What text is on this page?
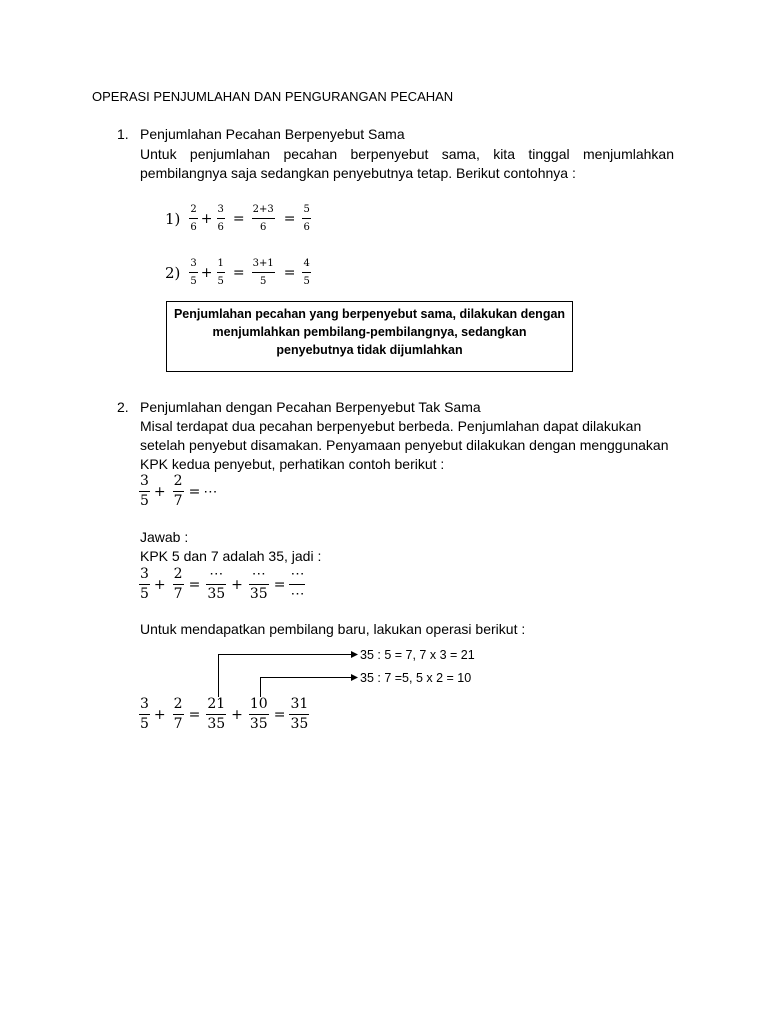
OPERASI PENJUMLAHAN DAN PENGURANGAN PECAHAN
1. Penjumlahan Pecahan Berpenyebut Sama
Untuk penjumlahan pecahan berpenyebut sama, kita tinggal menjumlahkan
pembilangnya saja sedangkan penyebutnya tetap. Berikut contohnya :
$1) \frac{2}{6} + \frac{3}{6} = \frac{2+3}{6} = \frac{5}{6}$
$2) \frac{3}{5} + \frac{1}{5} = \frac{3+1}{5} = \frac{4}{5}$
Penjumlahan pecahan yang berpenyebut sama, dilakukan dengan
menjumlahkan pembilang-pembilangnya, sedangkan
penyebutnya tidak dijumlahkan
2. Penjumlahan dengan Pecahan Berpenyebut Tak Sama
Misal terdapat dua pecahan berpenyebut berbeda. Penjumlahan dapat dilakukan
setelah penyebut disamakan. Penyamaan penyebut dilakukan dengan menggunakan
KPK kedua penyebut, perhatikan contoh berikut :
$\frac{3}{5} + \frac{2}{7}$ = ⋯
Jawab :
KPK 5 dan 7 adalah 35, jadi :
$\frac{3}{5} + \frac{2}{7} = \frac{\cdots}{35} + \frac{\cdots}{35} = \frac{\cdots}{\cdots}$
Untuk mendapatkan pembilang baru, lakukan operasi berikut :
35 : 5 = 7, 7 x 3 = 21
35 : 7 =5, 5 x 2 = 10
$\frac{3}{5} + \frac{2}{7} = \frac{21}{35} + \frac{10}{35} = \frac{31}{35}$
